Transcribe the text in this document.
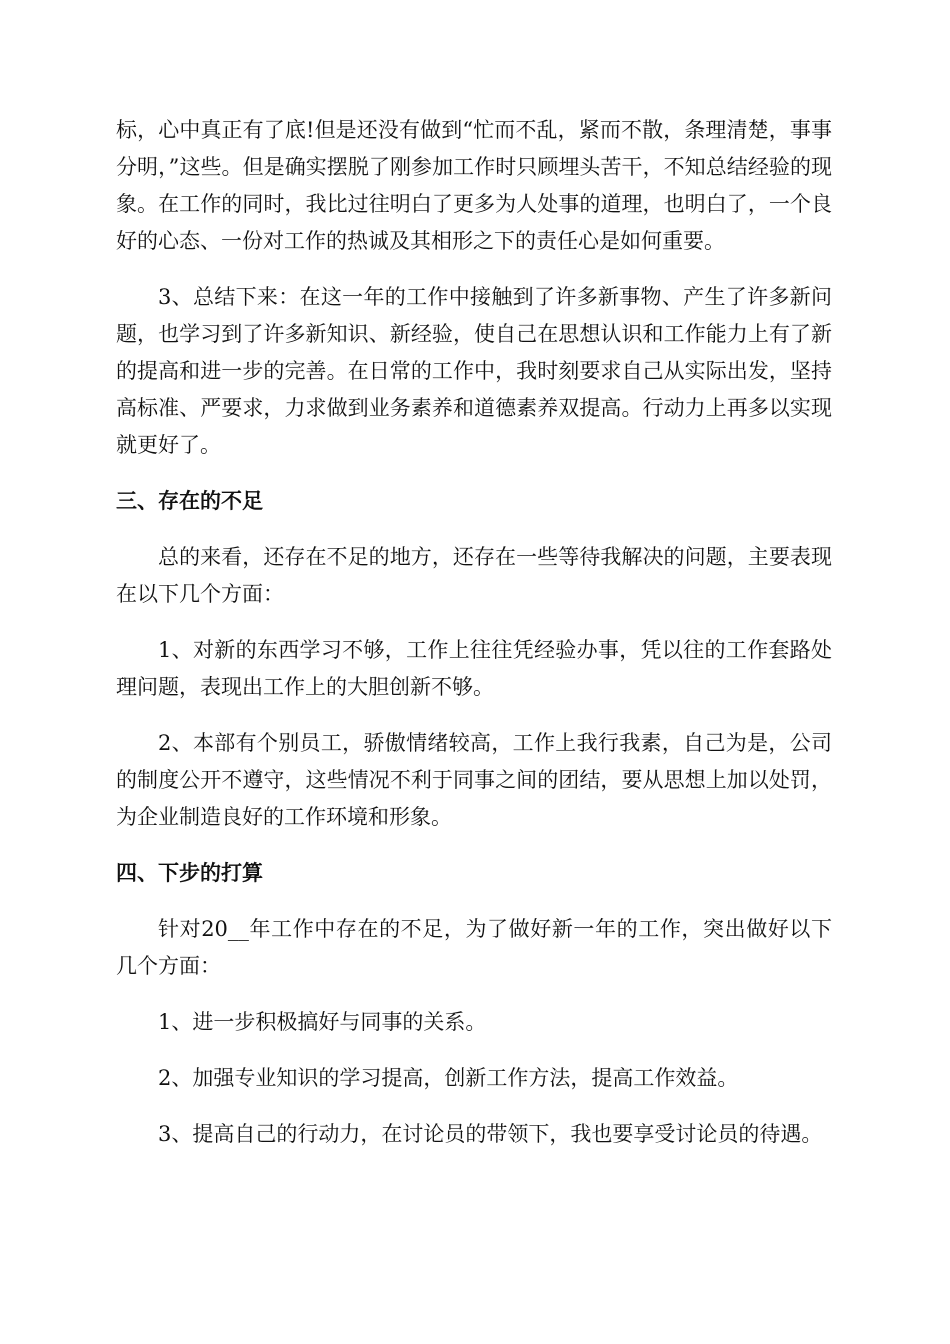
标，心中真正有了底!但是还没有做到“忙而不乱，紧而不散，条理清楚，事事分明，”这些。但是确实摆脱了刚参加工作时只顾埋头苦干，不知总结经验的现象。在工作的同时，我比过往明白了更多为人处事的道理，也明白了，一个良好的心态、一份对工作的热诚及其相形之下的责任心是如何重要。

3、总结下来：在这一年的工作中接触到了许多新事物、产生了许多新问题，也学习到了许多新知识、新经验，使自己在思想认识和工作能力上有了新的提高和进一步的完善。在日常的工作中，我时刻要求自己从实际出发，坚持高标准、严要求，力求做到业务素养和道德素养双提高。行动力上再多以实现就更好了。

三、存在的不足

总的来看，还存在不足的地方，还存在一些等待我解决的问题，主要表现在以下几个方面：

1、对新的东西学习不够，工作上往往凭经验办事，凭以往的工作套路处理问题，表现出工作上的大胆创新不够。

2、本部有个别员工，骄傲情绪较高，工作上我行我素，自己为是，公司的制度公开不遵守，这些情况不利于同事之间的团结，要从思想上加以处罚，为企业制造良好的工作环境和形象。

四、下步的打算

针对20__年工作中存在的不足，为了做好新一年的工作，突出做好以下几个方面：

1、进一步积极搞好与同事的关系。

2、加强专业知识的学习提高，创新工作方法，提高工作效益。

3、提高自己的行动力，在讨论员的带领下，我也要享受讨论员的待遇。
